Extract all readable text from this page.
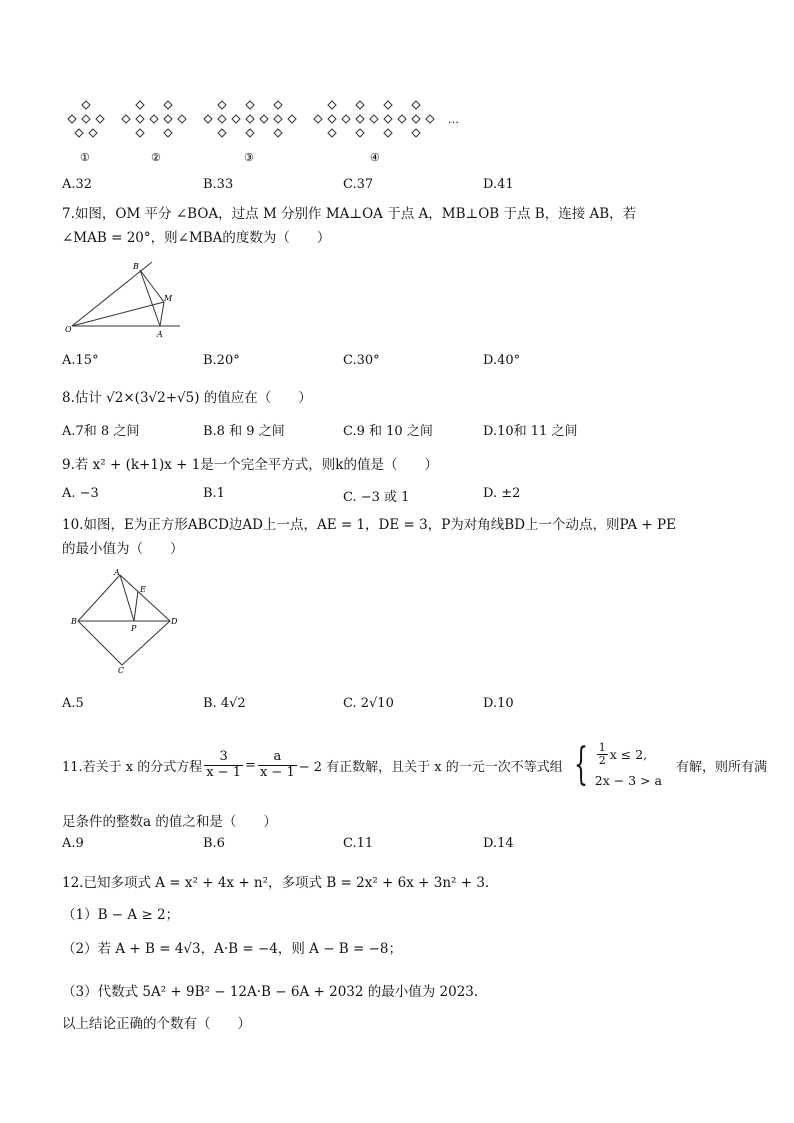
…
①	②	③	④
A.32	B.33	C.37	D.41
7.如图，OM 平分 ∠BOA，过点 M 分别作 MA⊥OA 于点 A，MB⊥OB 于点 B，连接 AB，若
∠MAB = 20°，则∠MBA的度数为（　　）
O
A
B
M
A.15°	B.20°	C.30°	D.40°
8.估计 √2×(3√2+√5) 的值应在（　　）
A.7和 8 之间	B.8 和 9 之间	C.9 和 10 之间	D.10和 11 之间
9.若 x² + (k+1)x + 1是一个完全平方式，则k的值是（　　）
A. −3	B.1	C. −3 或 1	D. ±2
10.如图，E为正方形ABCD边AD上一点，AE = 1，DE = 3，P为对角线BD上一个动点，则PA + PE
的最小值为（　　）
A
B
C
D
E
P
A.5	B. 4√2	C. 2√10	D.10
11.若关于 x 的分式方程 $\frac{3}{x - 1} = \frac{a}{x - 1} - 2$ 有正数解，且关于 x 的一元一次不等式组 { $\frac{1}{2}$ x ≤ 2,
2x − 3 > a
有解，则所有满
足条件的整数a 的值之和是（　　）
A.9	B.6	C.11	D.14
12.已知多项式 A = x² + 4x + n²，多项式 B = 2x² + 6x + 3n² + 3.
（1）B − A ≥ 2；
（2）若 A + B = 4√3，A·B = −4，则 A − B = −8；
（3）代数式 5A² + 9B² − 12A·B − 6A + 2032 的最小值为 2023.
以上结论正确的个数有（　　）
